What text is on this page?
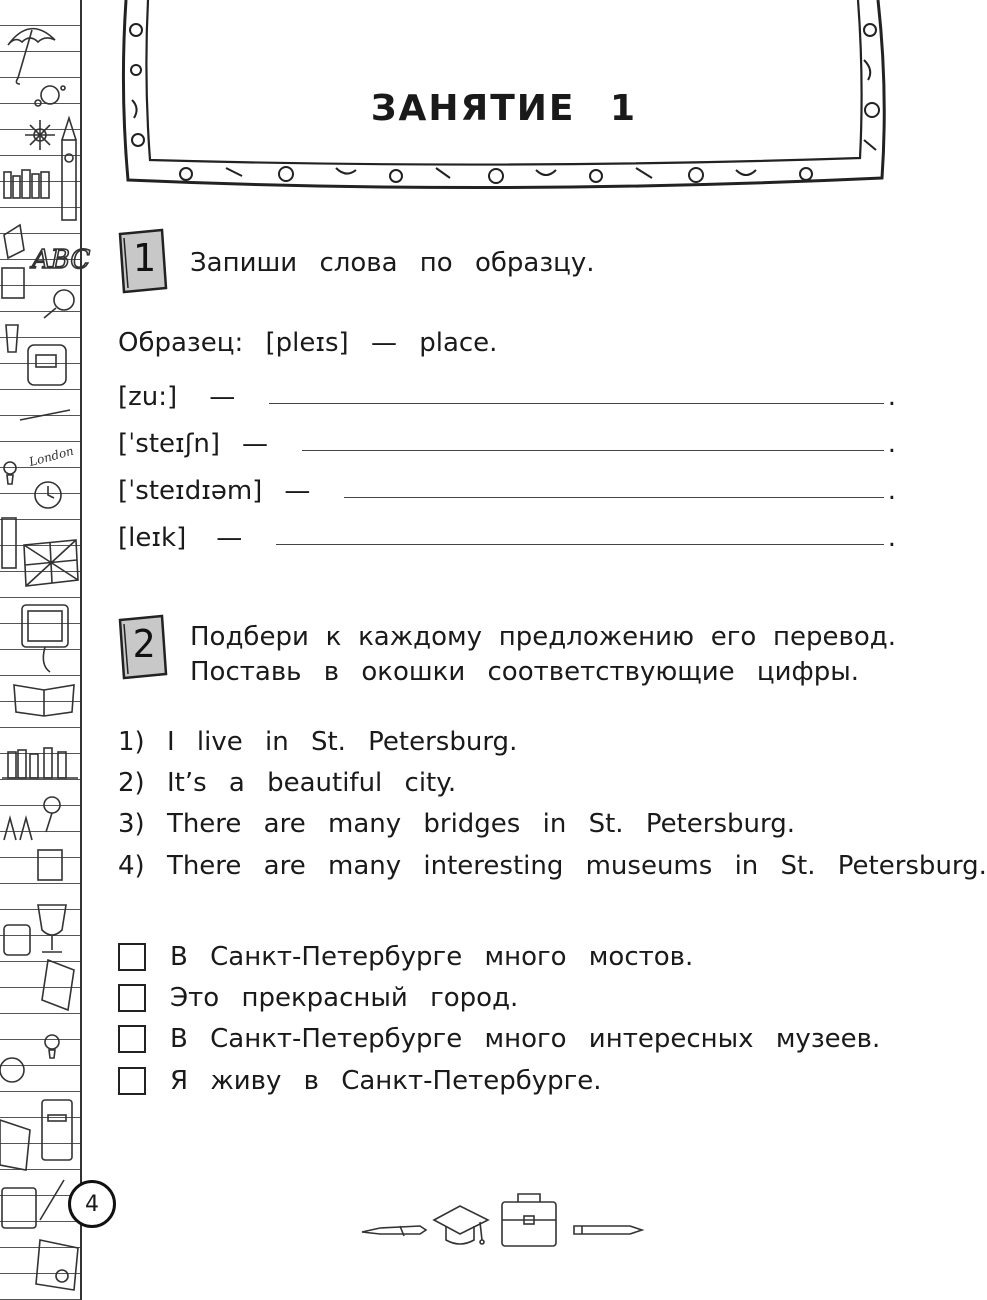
ABC
London
ЗАНЯТИЕ 1
1 Запиши слова по образцу.
Образец: [pleɪs] — place.
[zu:] —	.
[ˈsteɪʃn] —	.
[ˈsteɪdɪəm] —	.
[leɪk] —	.
2 Подбери к каждому предложению его перевод.
Поставь в окошки соответствующие цифры.
1) I live in St. Petersburg.
2) It’s a beautiful city.
3) There are many bridges in St. Petersburg.
4) There are many interesting museums in St. Petersburg.
В Санкт-Петербурге много мостов.
Это прекрасный город.
В Санкт-Петербурге много интересных музеев.
Я живу в Санкт-Петербурге.
4
